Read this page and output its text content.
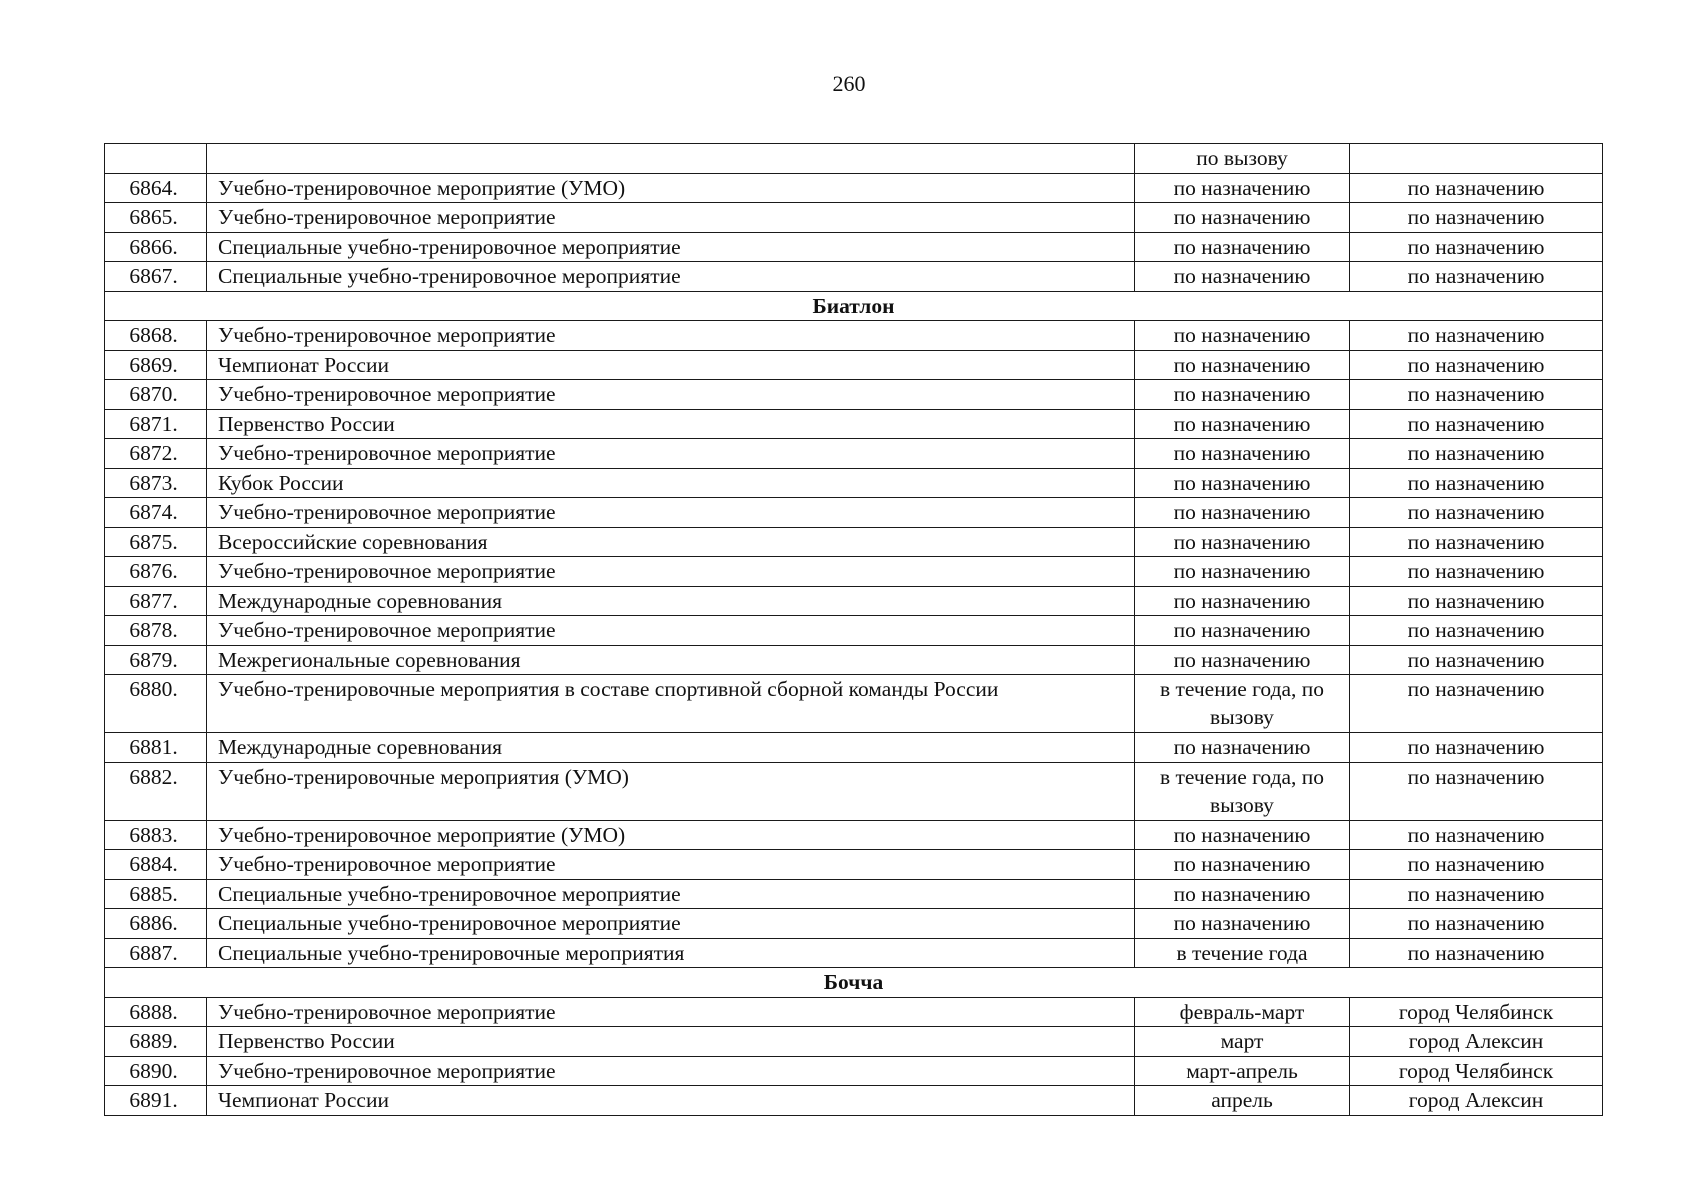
260
		по вызову	
6864.	Учебно-тренировочное мероприятие (УМО)	по назначению	по назначению
6865.	Учебно-тренировочное мероприятие	по назначению	по назначению
6866.	Специальные учебно-тренировочное мероприятие	по назначению	по назначению
6867.	Специальные учебно-тренировочное мероприятие	по назначению	по назначению
Биатлон			
6868.	Учебно-тренировочное мероприятие	по назначению	по назначению
6869.	Чемпионат России	по назначению	по назначению
6870.	Учебно-тренировочное мероприятие	по назначению	по назначению
6871.	Первенство России	по назначению	по назначению
6872.	Учебно-тренировочное мероприятие	по назначению	по назначению
6873.	Кубок России	по назначению	по назначению
6874.	Учебно-тренировочное мероприятие	по назначению	по назначению
6875.	Всероссийские соревнования	по назначению	по назначению
6876.	Учебно-тренировочное мероприятие	по назначению	по назначению
6877.	Международные соревнования	по назначению	по назначению
6878.	Учебно-тренировочное мероприятие	по назначению	по назначению
6879.	Межрегиональные соревнования	по назначению	по назначению
6880.	Учебно-тренировочные мероприятия в составе спортивной сборной команды России	в течение года, по вызову	по назначению
6881.	Международные соревнования	по назначению	по назначению
6882.	Учебно-тренировочные мероприятия (УМО)	в течение года, по вызову	по назначению
6883.	Учебно-тренировочное мероприятие (УМО)	по назначению	по назначению
6884.	Учебно-тренировочное мероприятие	по назначению	по назначению
6885.	Специальные учебно-тренировочное мероприятие	по назначению	по назначению
6886.	Специальные учебно-тренировочное мероприятие	по назначению	по назначению
6887.	Специальные учебно-тренировочные мероприятия	в течение года	по назначению
Бочча			
6888.	Учебно-тренировочное мероприятие	февраль-март	город Челябинск
6889.	Первенство России	март	город Алексин
6890.	Учебно-тренировочное мероприятие	март-апрель	город Челябинск
6891.	Чемпионат России	апрель	город Алексин
